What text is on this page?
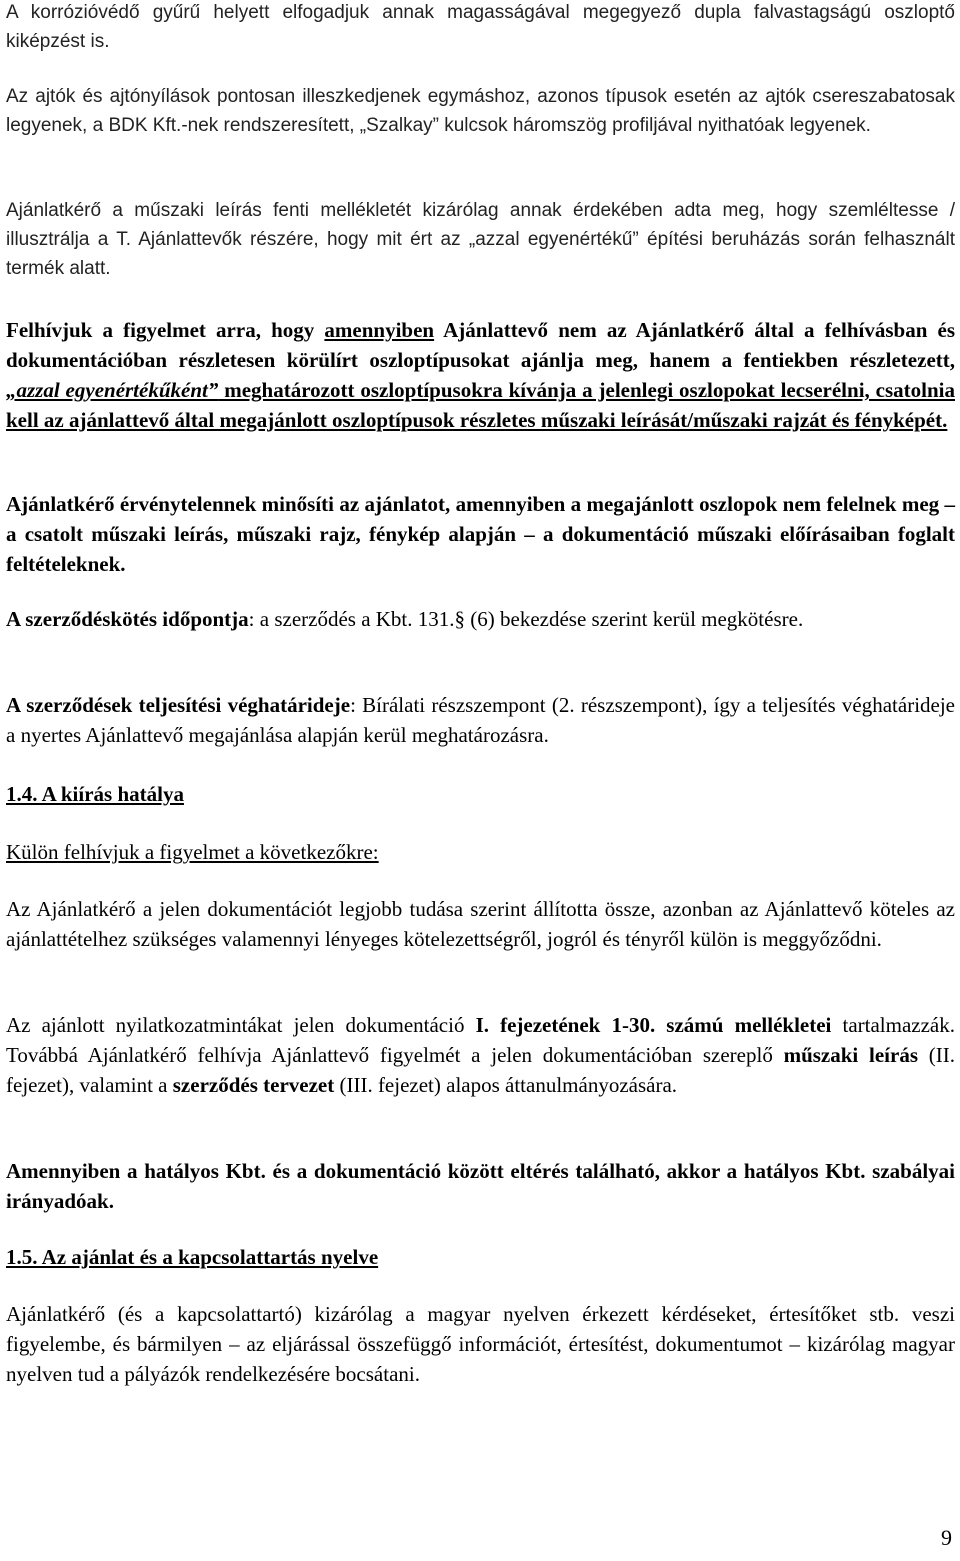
A korrózióvédő gyűrű helyett elfogadjuk annak magasságával megegyező dupla falvastagságú oszloptő kiképzést is.

Az ajtók és ajtónyílások pontosan illeszkedjenek egymáshoz, azonos típusok esetén az ajtók csereszabatosak legyenek, a BDK Kft.-nek rendszeresített, „Szalkay” kulcsok háromszög profiljával nyithatóak legyenek.

Ajánlatkérő a műszaki leírás fenti mellékletét kizárólag annak érdekében adta meg, hogy szemléltesse / illusztrálja a T. Ajánlattevők részére, hogy mit ért az „azzal egyenértékű” építési beruházás során felhasznált termék alatt.

Felhívjuk a figyelmet arra, hogy amennyiben Ajánlattevő nem az Ajánlatkérő által a felhívásban és dokumentációban részletesen körülírt oszloptípusokat ajánlja meg, hanem a fentiekben részletezett, „azzal egyenértékűként” meghatározott oszloptípusokra kívánja a jelenlegi oszlopokat lecserélni, csatolnia kell az ajánlattevő által megajánlott oszloptípusok részletes műszaki leírását/műszaki rajzát és fényképét.

Ajánlatkérő érvénytelennek minősíti az ajánlatot, amennyiben a megajánlott oszlopok nem felelnek meg – a csatolt műszaki leírás, műszaki rajz, fénykép alapján – a dokumentáció műszaki előírásaiban foglalt feltételeknek.

A szerződéskötés időpontja: a szerződés a Kbt. 131.§ (6) bekezdése szerint kerül megkötésre.

A szerződések teljesítési véghatárideje: Bírálati részszempont (2. részszempont), így a teljesítés véghatárideje a nyertes Ajánlattevő megajánlása alapján kerül meghatározásra.

1.4. A kiírás hatálya

Külön felhívjuk a figyelmet a következőkre:

Az Ajánlatkérő a jelen dokumentációt legjobb tudása szerint állította össze, azonban az Ajánlattevő köteles az ajánlattételhez szükséges valamennyi lényeges kötelezettségről, jogról és tényről külön is meggyőződni.

Az ajánlott nyilatkozatmintákat jelen dokumentáció I. fejezetének 1-30. számú mellékletei tartalmazzák. Továbbá Ajánlatkérő felhívja Ajánlattevő figyelmét a jelen dokumentációban szereplő műszaki leírás (II. fejezet), valamint a szerződés tervezet (III. fejezet) alapos áttanulmányozására.

Amennyiben a hatályos Kbt. és a dokumentáció között eltérés található, akkor a hatályos Kbt. szabályai irányadóak.

1.5. Az ajánlat és a kapcsolattartás nyelve

Ajánlatkérő (és a kapcsolattartó) kizárólag a magyar nyelven érkezett kérdéseket, értesítőket stb. veszi figyelembe, és bármilyen – az eljárással összefüggő információt, értesítést, dokumentumot – kizárólag magyar nyelven tud a pályázók rendelkezésére bocsátani.

9
